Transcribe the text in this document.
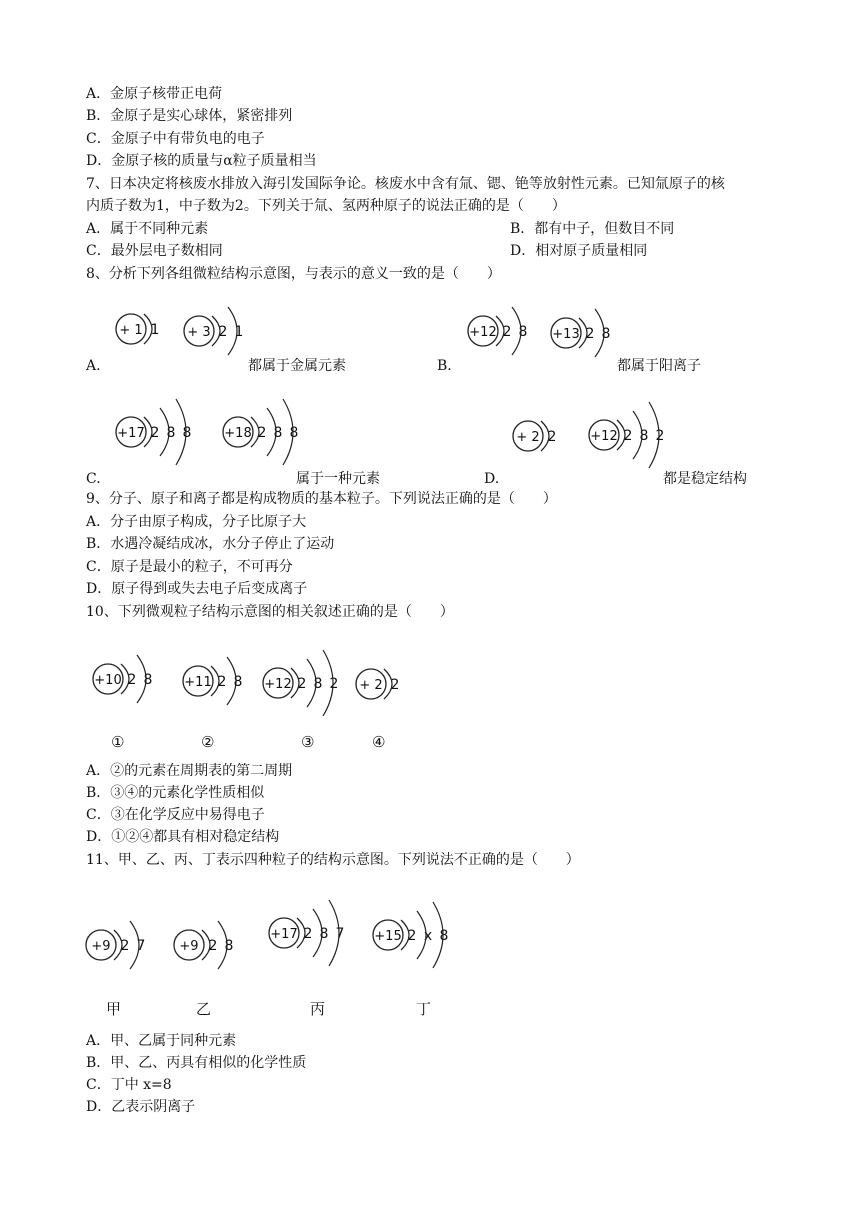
A．金原子核带正电荷
B．金原子是实心球体，紧密排列
C．金原子中有带负电的电子
D．金原子核的质量与α粒子质量相当
7、日本决定将核废水排放入海引发国际争论。核废水中含有氚、锶、铯等放射性元素。已知氚原子的核
内质子数为1，中子数为2。下列关于氚、氢两种原子的说法正确的是（　　）
A．属于不同种元素	B．都有中子，但数目不同
C．最外层电子数相同	D．相对原子质量相同
8、分析下列各组微粒结构示意图，与表示的意义一致的是（　　）
+ 1 1 + 3 2 1	+12 2 8 +13 2 8
+17 2 8 8	+18 2 8 8	+ 2 2	+12 2 8 2
+10 2 8 +11 2 8 +12 2 8 2 + 2 2
+9 2 7	+9 2 8
+17 2 8 7 +15 2 x 8
A.	都属于金属元素	B.	都属于阳离子
C.	属于一种元素	D.	都是稳定结构
9、分子、原子和离子都是构成物质的基本粒子。下列说法正确的是（　　）
A．分子由原子构成，分子比原子大
B．水遇冷凝结成冰，水分子停止了运动
C．原子是最小的粒子，不可再分
D．原子得到或失去电子后变成离子
10、下列微观粒子结构示意图的相关叙述正确的是（　　）
①	②	③	④
A．②的元素在周期表的第二周期
B．③④的元素化学性质相似
C．③在化学反应中易得电子
D．①②④都具有相对稳定结构
11、甲、乙、丙、丁表示四种粒子的结构示意图。下列说法不正确的是（　　）
甲	乙	丙	丁
A．甲、乙属于同种元素
B．甲、乙、丙具有相似的化学性质
C．丁中 x=8
D．乙表示阴离子
